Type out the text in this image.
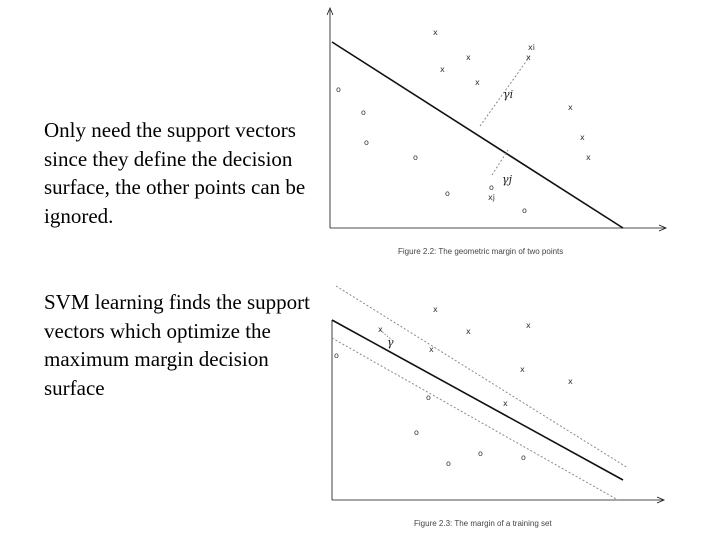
Only need the support vectors since they define the decision surface, the other points can be ignored.
SVM learning finds the support vectors which optimize the maximum margin decision surface
x
x
x
x
x
x
x
x
xi
o
o
o
o
o
o
o
xj
γi
γj
Figure 2.2: The geometric margin of two points
x
x
x
x
x
x
x
x
o
o
o
o
o	o
γ
Figure 2.3: The margin of a training set
